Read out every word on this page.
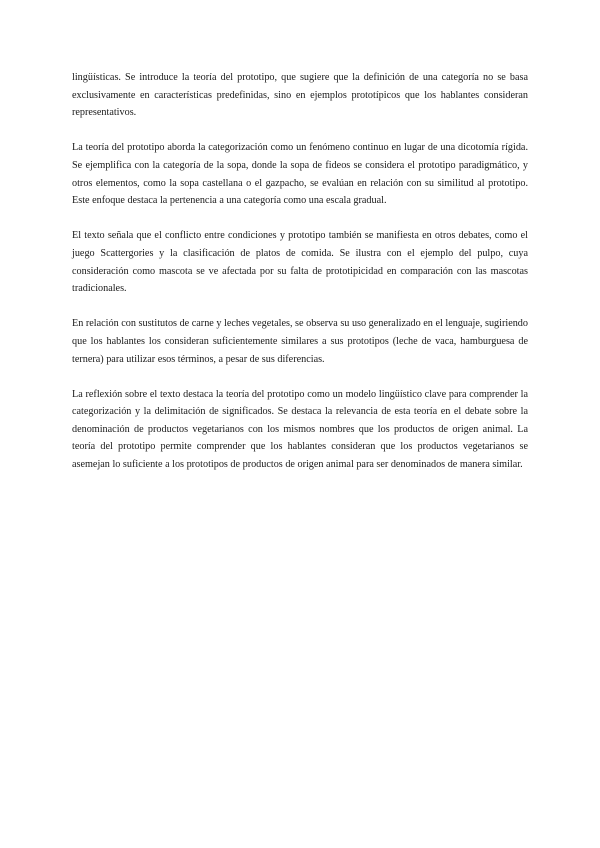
lingüísticas. Se introduce la teoría del prototipo, que sugiere que la definición de una categoría no se basa exclusivamente en características predefinidas, sino en ejemplos prototípicos que los hablantes consideran representativos.

La teoría del prototipo aborda la categorización como un fenómeno continuo en lugar de una dicotomía rígida. Se ejemplifica con la categoría de la sopa, donde la sopa de fideos se considera el prototipo paradigmático, y otros elementos, como la sopa castellana o el gazpacho, se evalúan en relación con su similitud al prototipo. Este enfoque destaca la pertenencia a una categoría como una escala gradual.

El texto señala que el conflicto entre condiciones y prototipo también se manifiesta en otros debates, como el juego Scattergories y la clasificación de platos de comida. Se ilustra con el ejemplo del pulpo, cuya consideración como mascota se ve afectada por su falta de prototipicidad en comparación con las mascotas tradicionales.

En relación con sustitutos de carne y leches vegetales, se observa su uso generalizado en el lenguaje, sugiriendo que los hablantes los consideran suficientemente similares a sus prototipos (leche de vaca, hamburguesa de ternera) para utilizar esos términos, a pesar de sus diferencias.

La reflexión sobre el texto destaca la teoría del prototipo como un modelo lingüístico clave para comprender la categorización y la delimitación de significados. Se destaca la relevancia de esta teoría en el debate sobre la denominación de productos vegetarianos con los mismos nombres que los productos de origen animal. La teoría del prototipo permite comprender que los hablantes consideran que los productos vegetarianos se asemejan lo suficiente a los prototipos de productos de origen animal para ser denominados de manera similar.
